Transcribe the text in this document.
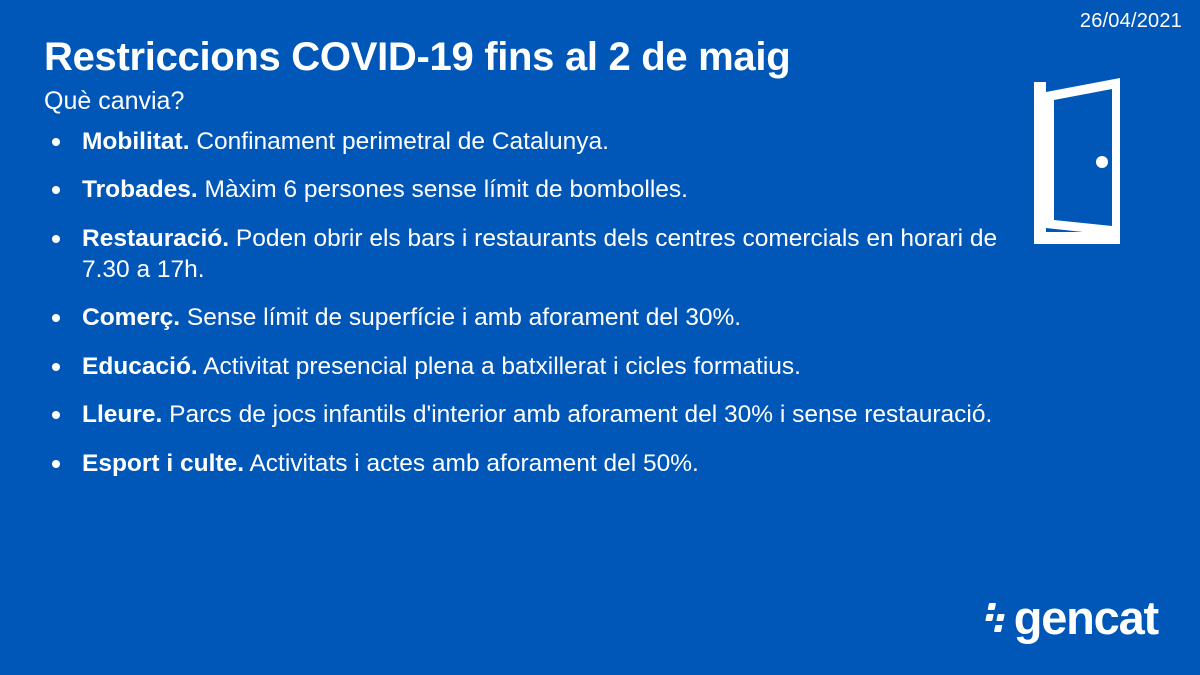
26/04/2021
Restriccions COVID-19 fins al 2 de maig

Què canvia?

Mobilitat. Confinament perimetral de Catalunya.
Trobades. Màxim 6 persones sense límit de bombolles.
Restauració. Poden obrir els bars i restaurants dels centres comercials en horari de 7.30 a 17h.
Comerç. Sense límit de superfície i amb aforament del 30%.
Educació. Activitat presencial plena a batxillerat i cicles formatius.
Lleure. Parcs de jocs infantils d'interior amb aforament del 30% i sense restauració.
Esport i culte. Activitats i actes amb aforament del 50%.
gencat
